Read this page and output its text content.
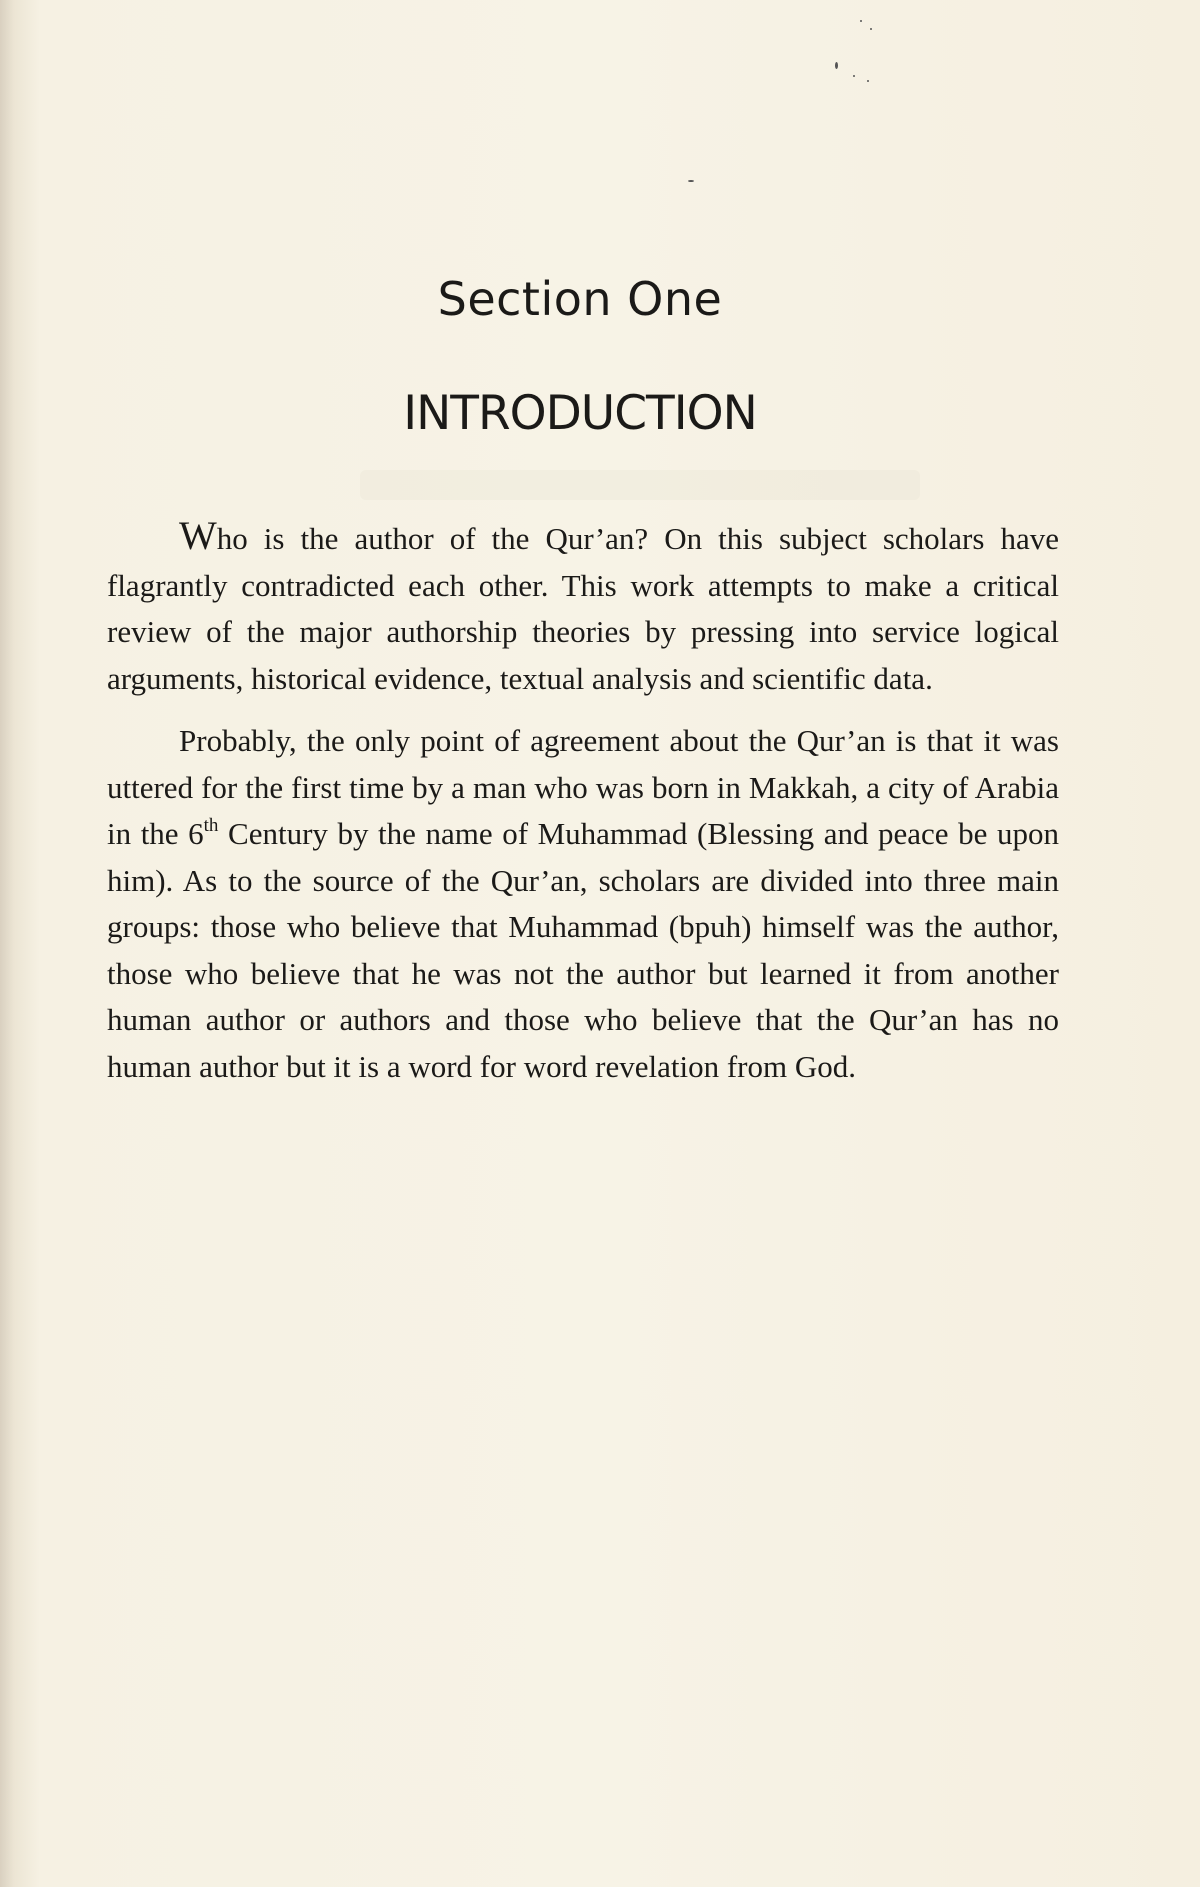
Section One
INTRODUCTION

Who is the author of the Qur’an? On this subject scholars have flagrantly contradicted each other. This work attempts to make a critical review of the major authorship theories by pressing into service logical arguments, historical evidence, textual analysis and scientific data.

Probably, the only point of agreement about the Qur’an is that it was uttered for the first time by a man who was born in Makkah, a city of Arabia in the 6th Century by the name of Muhammad (Blessing and peace be upon him). As to the source of the Qur’an, scholars are divided into three main groups: those who believe that Muhammad (bpuh) himself was the author, those who believe that he was not the author but learned it from another human author or authors and those who believe that the Qur’an has no human author but it is a word for word revelation from God.
